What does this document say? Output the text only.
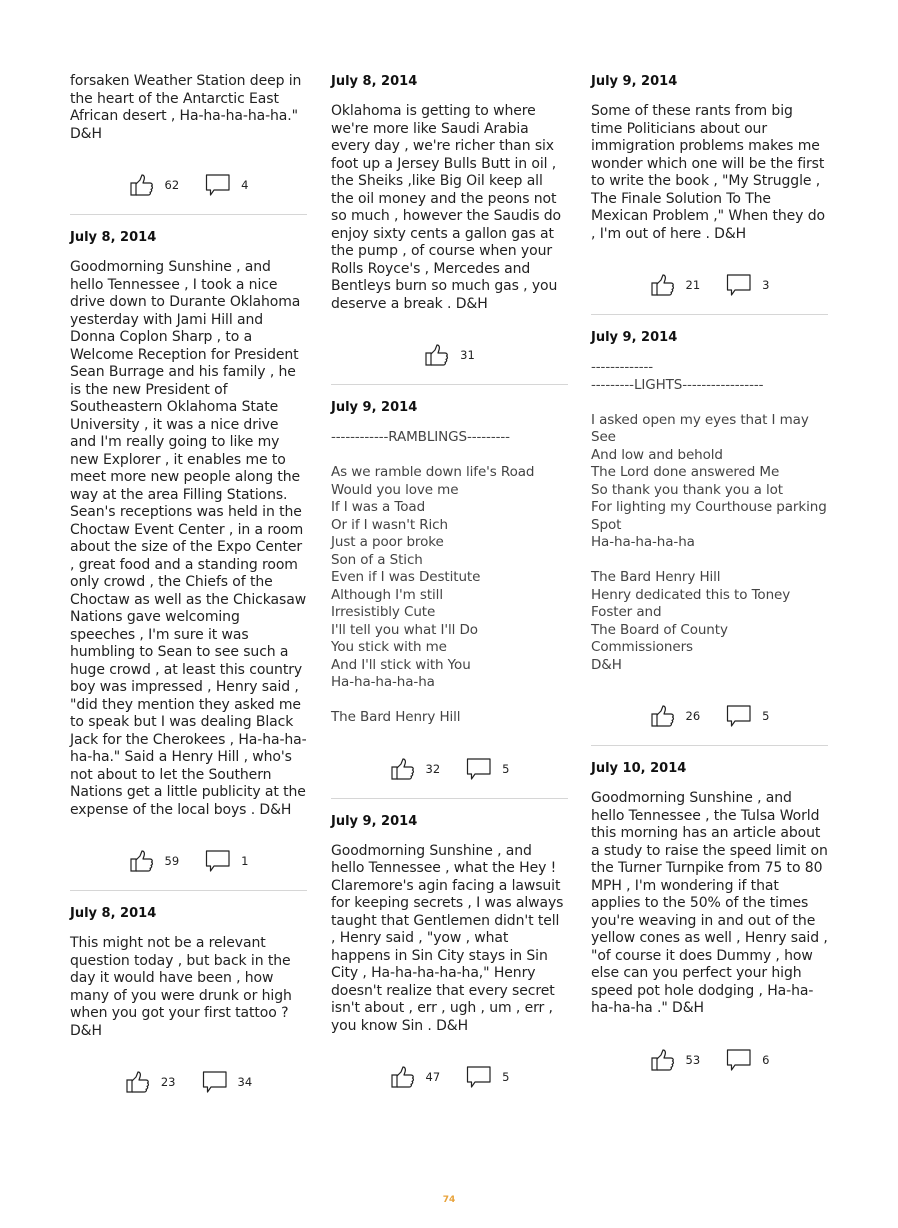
forsaken Weather Station deep in the heart of the Antarctic East African desert , Ha-ha-ha-ha-ha." D&H
62	4
July 8, 2014
Goodmorning Sunshine , and hello Tennessee , I took a nice drive down to Durante Oklahoma yesterday with Jami Hill and Donna Coplon Sharp , to a Welcome Reception for President Sean Burrage and his family , he is the new President of Southeastern Oklahoma State University , it was a nice drive and I'm really going to like my new Explorer , it enables me to meet more new people along the way at the area Filling Stations. Sean's receptions was held in the Choctaw Event Center , in a room about the size of the Expo Center , great food and a standing room only crowd , the Chiefs of the Choctaw as well as the Chickasaw Nations gave welcoming speeches , I'm sure it was humbling to Sean to see such a huge crowd , at least this country boy was impressed , Henry said , "did they mention they asked me to speak but I was dealing Black Jack for the Cherokees , Ha-ha-ha-ha-ha." Said a Henry Hill , who's not about to let the Southern Nations get a little publicity at the expense of the local boys . D&H
59	1
July 8, 2014
This might not be a relevant question today , but back in the day it would have been , how many of you were drunk or high when you got your first tattoo ? D&H
23	34
July 8, 2014
Oklahoma is getting to where we're more like Saudi Arabia every day , we're richer than six foot up a Jersey Bulls Butt in oil , the Sheiks ,like Big Oil keep all the oil money and the peons not so much , however the Saudis do enjoy sixty cents a gallon gas at the pump , of course when your Rolls Royce's , Mercedes and Bentleys burn so much gas , you deserve a break . D&H
31
July 9, 2014
------------RAMBLINGS---------

As we ramble down life's Road
Would you love me
If I was a Toad
Or if I wasn't Rich
Just a poor broke
Son of a Stich
Even if I was Destitute
Although I'm still
Irresistibly Cute
I'll tell you what I'll Do
You stick with me
And I'll stick with You
Ha-ha-ha-ha-ha

The Bard Henry Hill
32	5
July 9, 2014
Goodmorning Sunshine , and hello Tennessee , what the Hey ! Claremore's agin facing a lawsuit for keeping secrets , I was always taught that Gentlemen didn't tell , Henry said , "yow , what happens in Sin City stays in Sin City , Ha-ha-ha-ha-ha," Henry doesn't realize that every secret isn't about , err , ugh , um , err , you know Sin . D&H
47	5
July 9, 2014
Some of these rants from big time Politicians about our immigration problems makes me wonder which one will be the first to write the book , "My Struggle , The Finale Solution To The Mexican Problem ," When they do , I'm out of here . D&H
21	3
July 9, 2014
-------------
---------LIGHTS-----------------

I asked open my eyes that I may See
And low and behold
The Lord done answered Me
So thank you thank you a lot
For lighting my Courthouse parking Spot
Ha-ha-ha-ha-ha

The Bard Henry Hill
Henry dedicated this to Toney Foster and
The Board of County Commissioners
D&H
26	5
July 10, 2014
Goodmorning Sunshine , and hello Tennessee , the Tulsa World this morning has an article about a study to raise the speed limit on the Turner Turnpike from 75 to 80 MPH , I'm wondering if that applies to the 50% of the times you're weaving in and out of the yellow cones as well , Henry said , "of course it does Dummy , how else can you perfect your high speed pot hole dodging , Ha-ha-ha-ha-ha ." D&H
53	6
74
